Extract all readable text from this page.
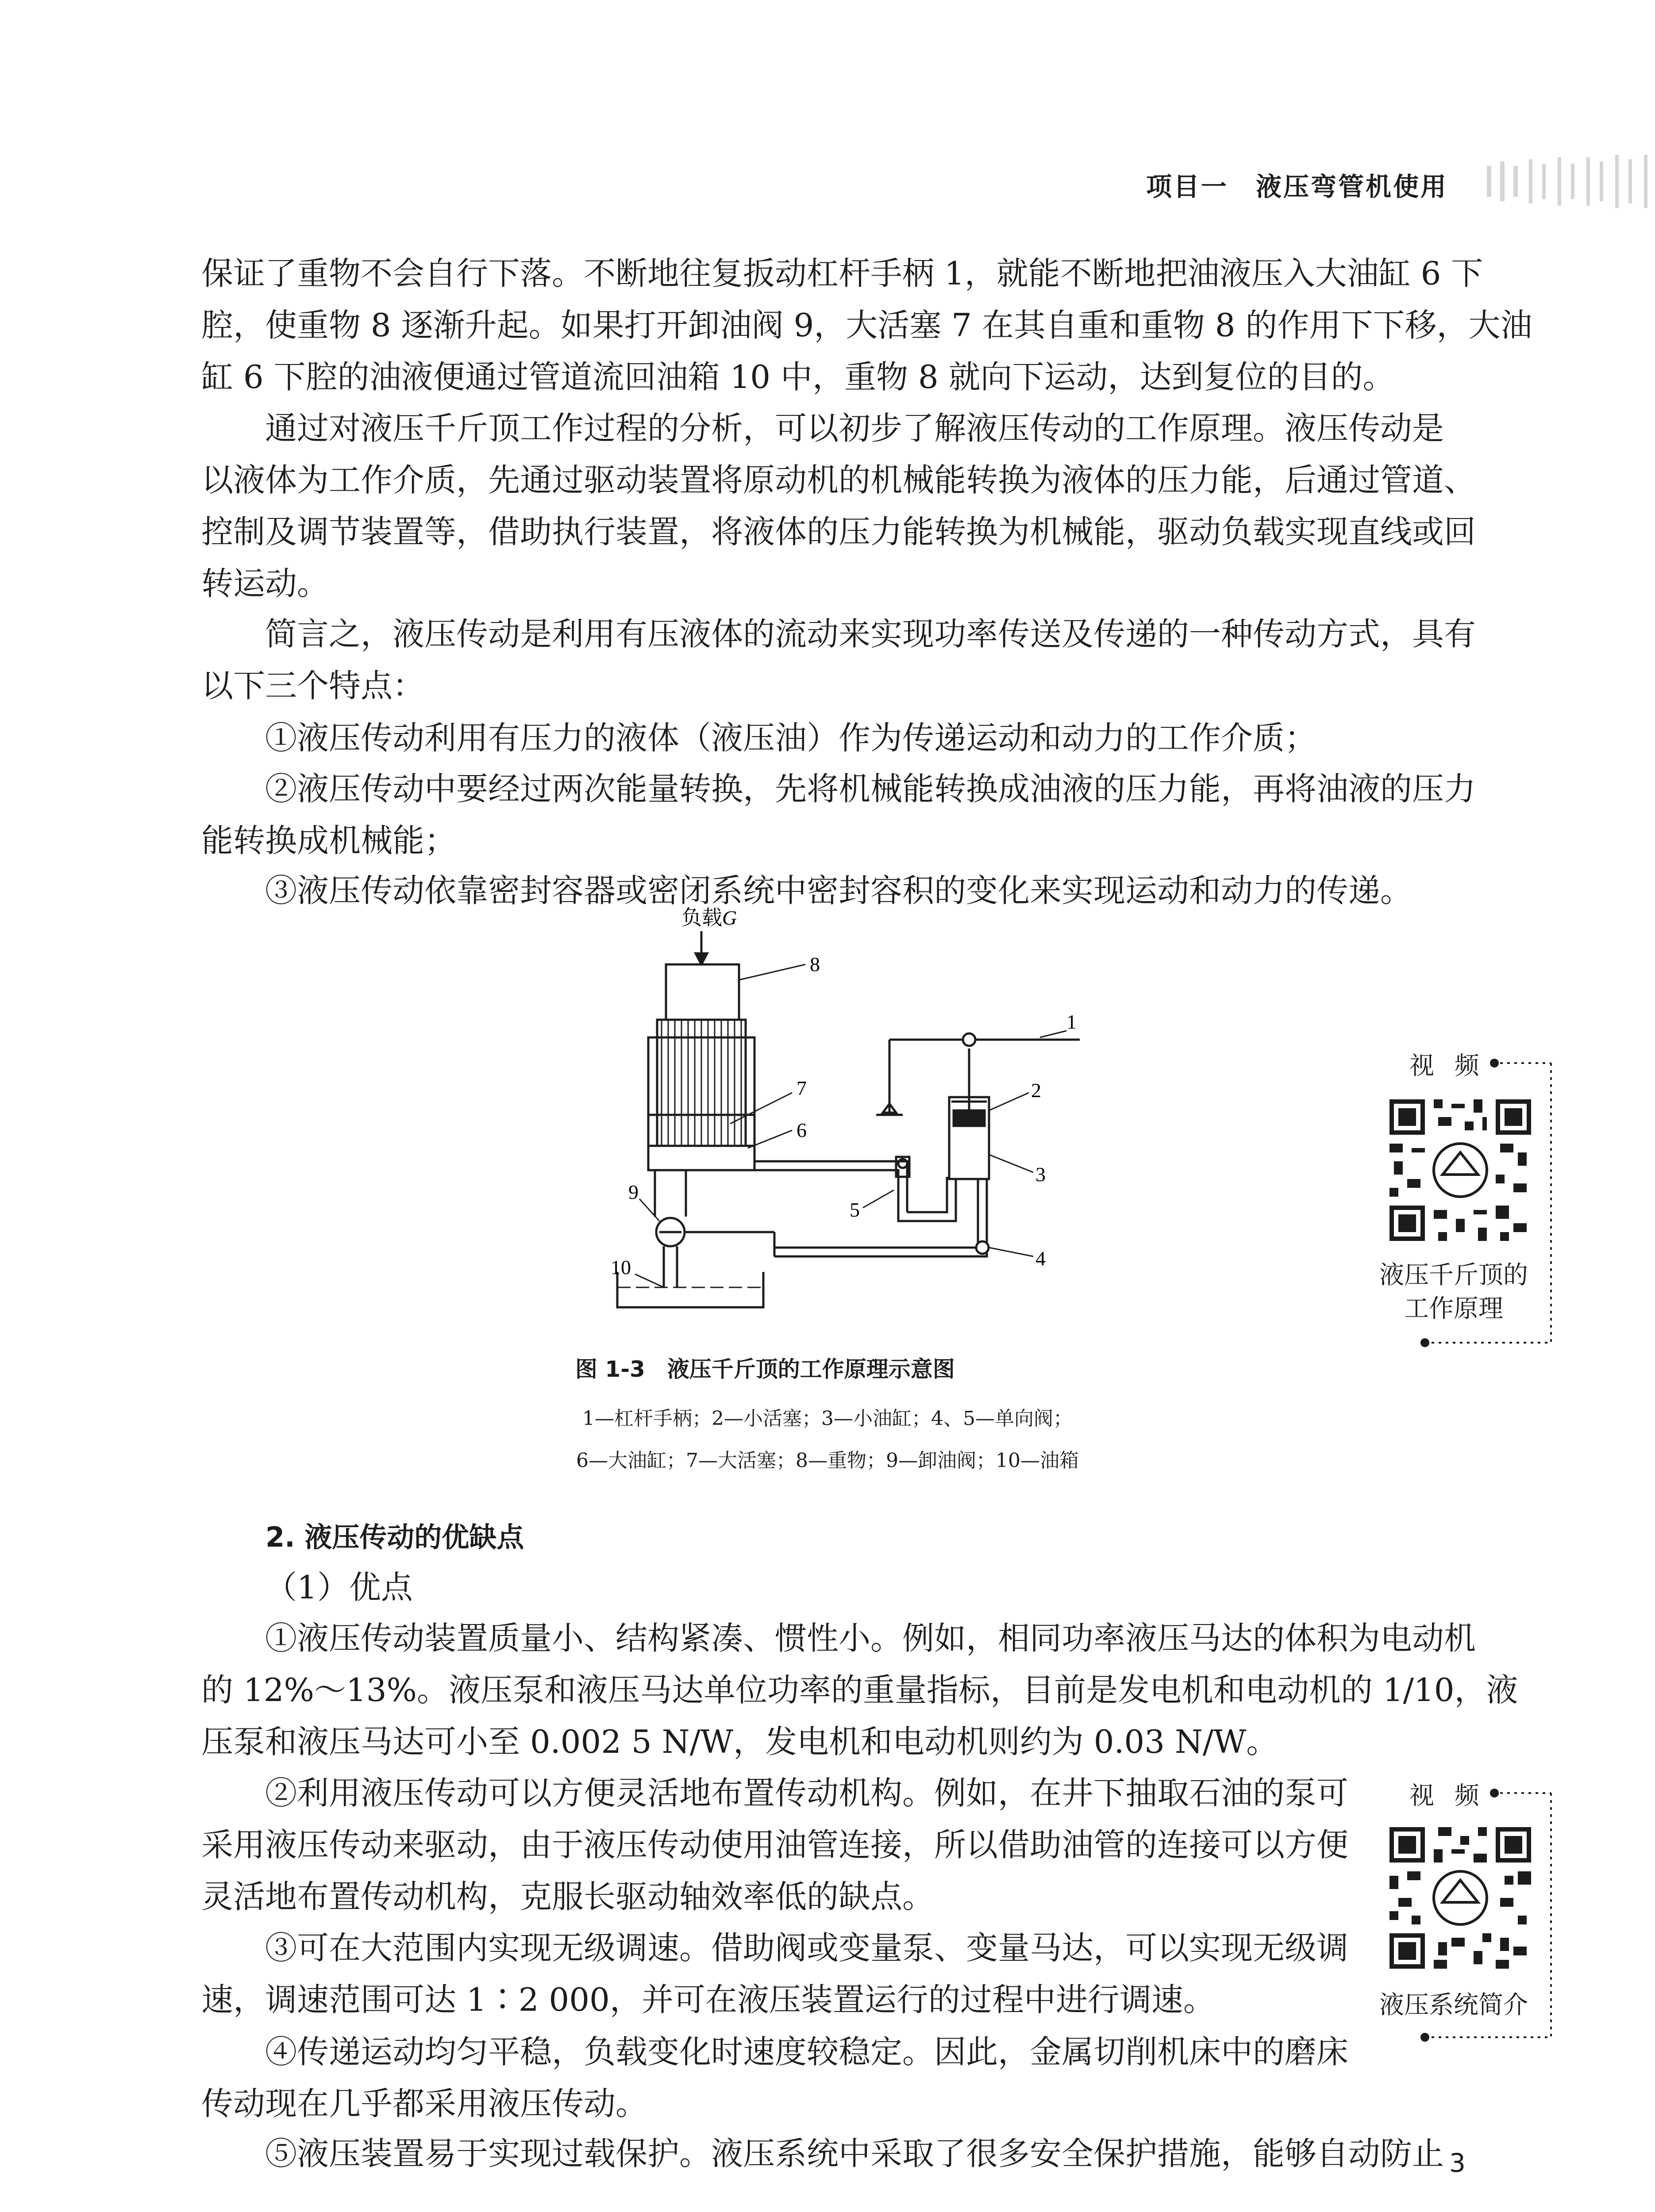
项目一　液压弯管机使用
保证了重物不会自行下落。不断地往复扳动杠杆手柄 1，就能不断地把油液压入大油缸 6 下
腔，使重物 8 逐渐升起。如果打开卸油阀 9，大活塞 7 在其自重和重物 8 的作用下下移，大油
缸 6 下腔的油液便通过管道流回油箱 10 中，重物 8 就向下运动，达到复位的目的。
通过对液压千斤顶工作过程的分析，可以初步了解液压传动的工作原理。液压传动是
以液体为工作介质，先通过驱动装置将原动机的机械能转换为液体的压力能，后通过管道、
控制及调节装置等，借助执行装置，将液体的压力能转换为机械能，驱动负载实现直线或回
转运动。
简言之，液压传动是利用有压液体的流动来实现功率传送及传递的一种传动方式，具有
以下三个特点：
①液压传动利用有压力的液体（液压油）作为传递运动和动力的工作介质；
②液压传动中要经过两次能量转换，先将机械能转换成油液的压力能，再将油液的压力
能转换成机械能；
③液压传动依靠密封容器或密闭系统中密封容积的变化来实现运动和动力的传递。
负载G
1
2
3
4
5
6
7
8
9
10
图 1-3　液压千斤顶的工作原理示意图
1—杠杆手柄；2—小活塞；3—小油缸；4、5—单向阀；
6—大油缸；7—大活塞；8—重物；9—卸油阀；10—油箱
视 频
液压千斤顶的
工作原理
2. 液压传动的优缺点
（1）优点
①液压传动装置质量小、结构紧凑、惯性小。例如，相同功率液压马达的体积为电动机
的 12%～13%。液压泵和液压马达单位功率的重量指标，目前是发电机和电动机的 1/10，液
压泵和液压马达可小至 0.002 5 N/W，发电机和电动机则约为 0.03 N/W。
②利用液压传动可以方便灵活地布置传动机构。例如，在井下抽取石油的泵可
采用液压传动来驱动，由于液压传动使用油管连接，所以借助油管的连接可以方便
灵活地布置传动机构，克服长驱动轴效率低的缺点。
③可在大范围内实现无级调速。借助阀或变量泵、变量马达，可以实现无级调
速，调速范围可达 1∶2 000，并可在液压装置运行的过程中进行调速。
④传递运动均匀平稳，负载变化时速度较稳定。因此，金属切削机床中的磨床
传动现在几乎都采用液压传动。
⑤液压装置易于实现过载保护。液压系统中采取了很多安全保护措施，能够自动防止
视 频
液压系统简介
3
